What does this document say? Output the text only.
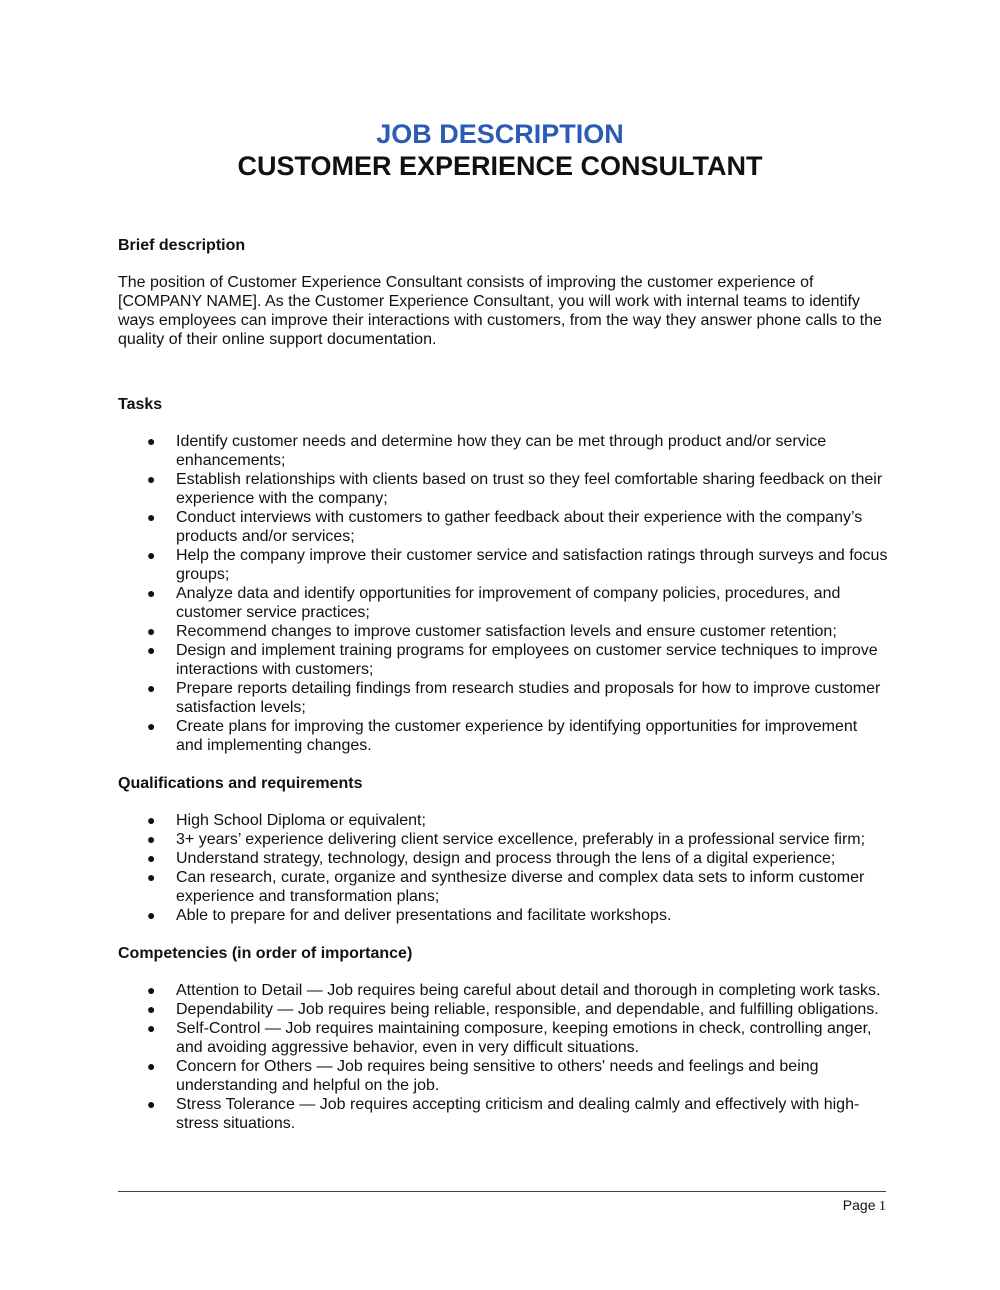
JOB DESCRIPTION
CUSTOMER EXPERIENCE CONSULTANT
Brief description
The position of Customer Experience Consultant consists of improving the customer experience of [COMPANY NAME]. As the Customer Experience Consultant, you will work with internal teams to identify ways employees can improve their interactions with customers, from the way they answer phone calls to the quality of their online support documentation.
Tasks
● Identify customer needs and determine how they can be met through product and/or service enhancements;
● Establish relationships with clients based on trust so they feel comfortable sharing feedback on their experience with the company;
● Conduct interviews with customers to gather feedback about their experience with the company’s products and/or services;
● Help the company improve their customer service and satisfaction ratings through surveys and focus groups;
● Analyze data and identify opportunities for improvement of company policies, procedures, and customer service practices;
● Recommend changes to improve customer satisfaction levels and ensure customer retention;
● Design and implement training programs for employees on customer service techniques to improve interactions with customers;
● Prepare reports detailing findings from research studies and proposals for how to improve customer satisfaction levels;
● Create plans for improving the customer experience by identifying opportunities for improvement and implementing changes.
Qualifications and requirements
● High School Diploma or equivalent;
● 3+ years’ experience delivering client service excellence, preferably in a professional service firm;
● Understand strategy, technology, design and process through the lens of a digital experience;
● Can research, curate, organize and synthesize diverse and complex data sets to inform customer experience and transformation plans;
● Able to prepare for and deliver presentations and facilitate workshops.
Competencies (in order of importance)
● Attention to Detail — Job requires being careful about detail and thorough in completing work tasks.
● Dependability — Job requires being reliable, responsible, and dependable, and fulfilling obligations.
● Self-Control — Job requires maintaining composure, keeping emotions in check, controlling anger, and avoiding aggressive behavior, even in very difficult situations.
● Concern for Others — Job requires being sensitive to others' needs and feelings and being understanding and helpful on the job.
● Stress Tolerance — Job requires accepting criticism and dealing calmly and effectively with high-stress situations.
Page 1
